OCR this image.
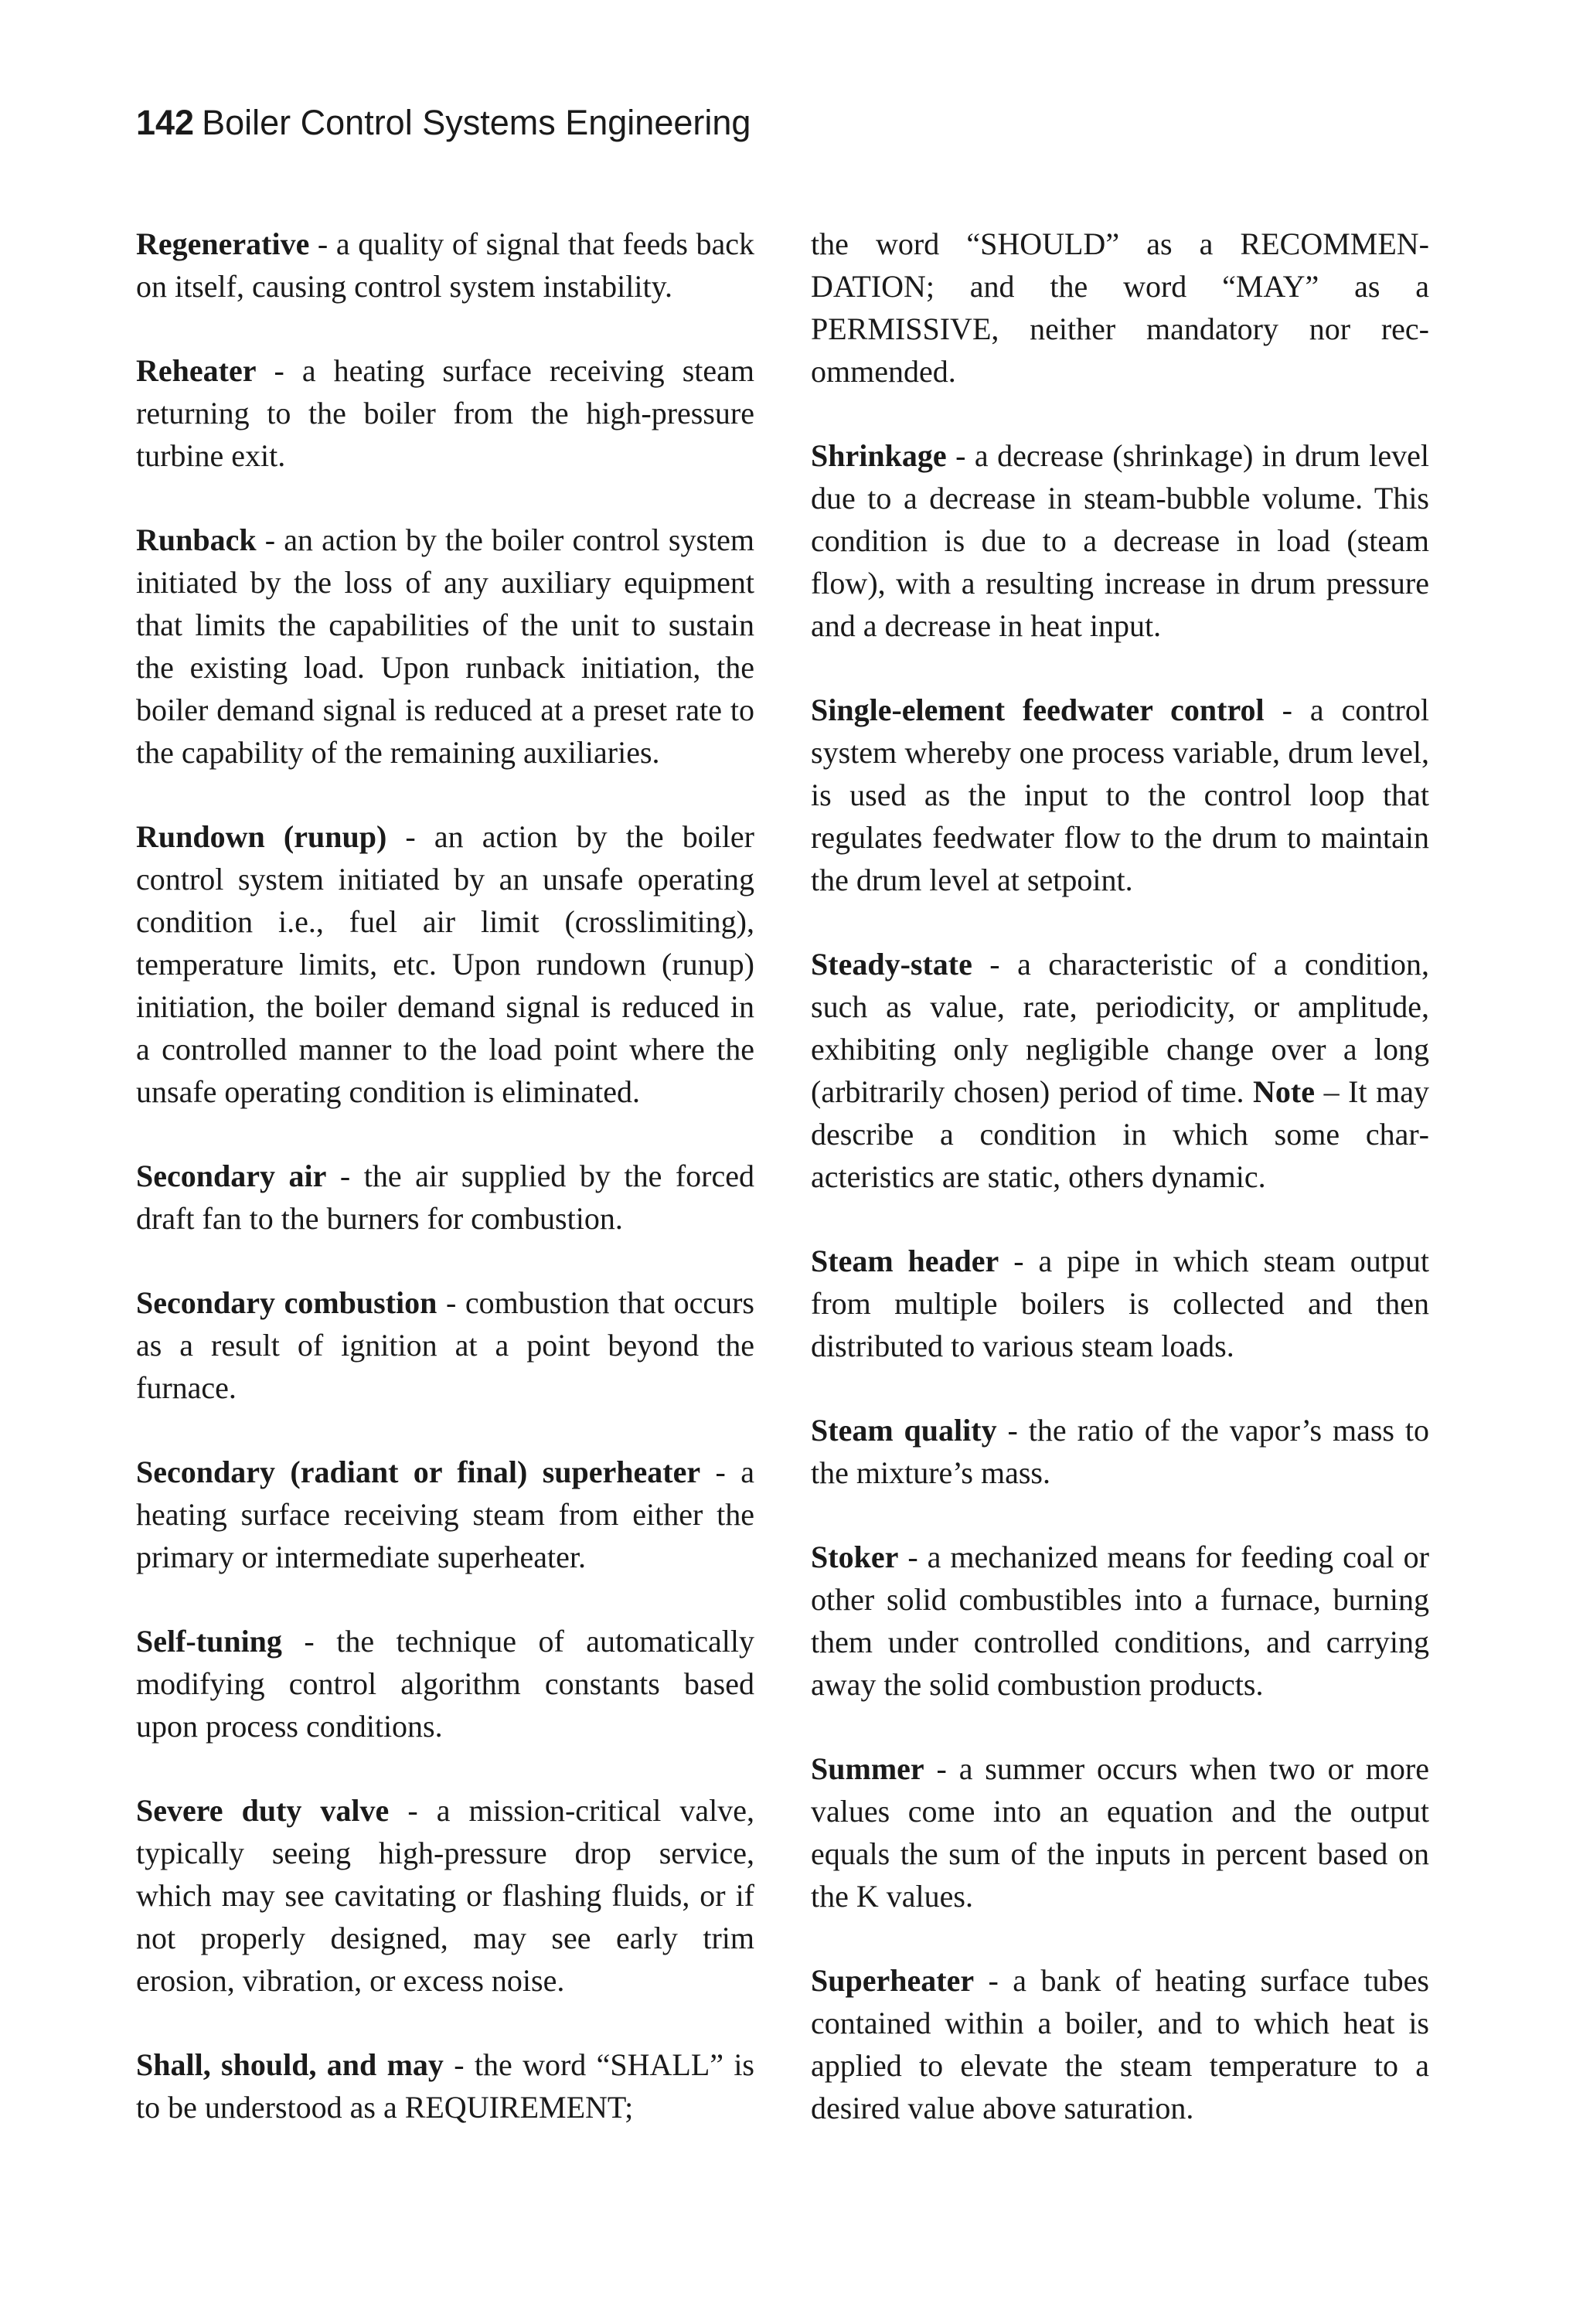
142 Boiler Control Systems Engineering

Regenerative - a quality of signal that feeds back on itself, causing control system instability.

Reheater - a heating surface receiving steam returning to the boiler from the high-pressure turbine exit.

Runback - an action by the boiler control system initiated by the loss of any auxiliary equipment that limits the capabilities of the unit to sustain the existing load. Upon runback initiation, the boiler demand signal is reduced at a preset rate to the capability of the remaining auxiliaries.

Rundown (runup) - an action by the boiler control system initiated by an unsafe operating condition i.e., fuel air limit (crosslimiting), temperature limits, etc. Upon rundown (runup) initiation, the boiler demand signal is reduced in a controlled manner to the load point where the unsafe operating condition is eliminated.

Secondary air - the air supplied by the forced draft fan to the burners for combustion.

Secondary combustion - combustion that occurs as a result of ignition at a point beyond the furnace.

Secondary (radiant or final) superheater - a heating surface receiving steam from either the primary or intermediate superheater.

Self-tuning - the technique of automatically modifying control algorithm constants based upon process conditions.

Severe duty valve - a mission-critical valve, typically seeing high-pressure drop service, which may see cavitating or flashing fluids, or if not properly designed, may see early trim erosion, vibration, or excess noise.

Shall, should, and may - the word “SHALL” is to be understood as a REQUIREMENT;

the word “SHOULD” as a RECOMMENDATION; and the word “MAY” as a PERMISSIVE, neither mandatory nor recommended.

Shrinkage - a decrease (shrinkage) in drum level due to a decrease in steam-bubble volume. This condition is due to a decrease in load (steam flow), with a resulting increase in drum pressure and a decrease in heat input.

Single-element feedwater control - a control system whereby one process variable, drum level, is used as the input to the control loop that regulates feedwater flow to the drum to maintain the drum level at setpoint.

Steady-state - a characteristic of a condition, such as value, rate, periodicity, or amplitude, exhibiting only negligible change over a long (arbitrarily chosen) period of time. Note – It may describe a condition in which some characteristics are static, others dynamic.

Steam header - a pipe in which steam output from multiple boilers is collected and then distributed to various steam loads.

Steam quality - the ratio of the vapor’s mass to the mixture’s mass.

Stoker - a mechanized means for feeding coal or other solid combustibles into a furnace, burning them under controlled conditions, and carrying away the solid combustion products.

Summer - a summer occurs when two or more values come into an equation and the output equals the sum of the inputs in percent based on the K values.

Superheater - a bank of heating surface tubes contained within a boiler, and to which heat is applied to elevate the steam temperature to a desired value above saturation.
